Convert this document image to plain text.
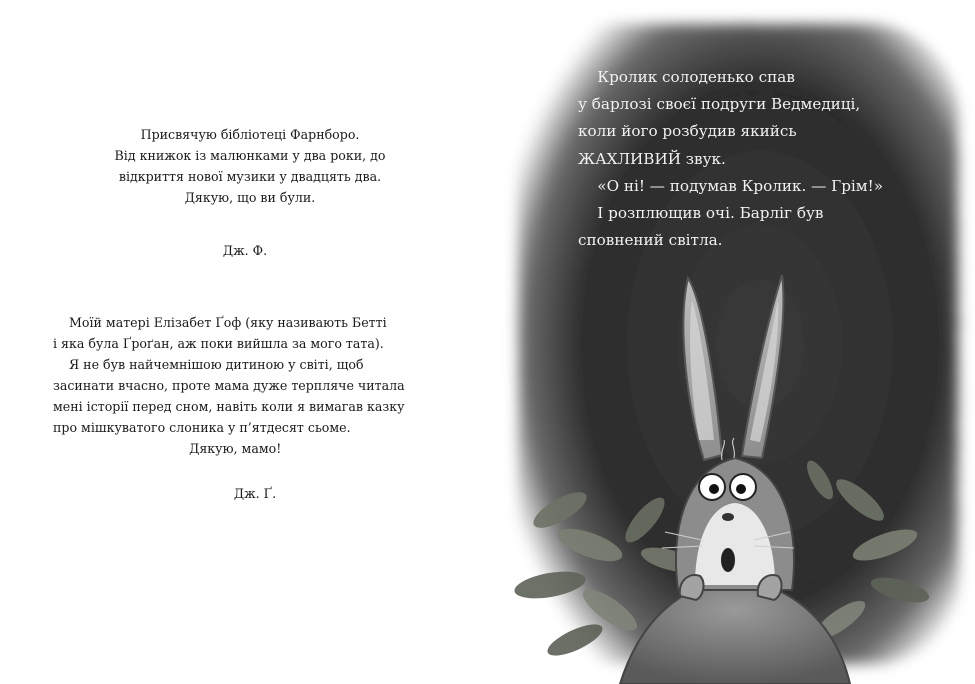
Присвячую бібліотеці Фарнборо.
Від книжок із малюнками у два роки, до
відкриття нової музики у двадцять два.
Дякую, що ви були.
Дж. Ф.
Моїй матері Елізабет Ґоф (яку називають Бетті
і яка була Ґроґан, аж поки вийшла за мого тата).
Я не був найчемнішою дитиною у світі, щоб
засинати вчасно, проте мама дуже терпляче читала
мені історії перед сном, навіть коли я вимагав казку
про мішкуватого слоника у п’ятдесят сьоме.
Дякую, мамо!
Дж. Ґ.
Кролик солоденько спав
у барлозі своєї подруги Ведмедиці,
коли його розбудив якийсь
ЖАХЛИВИЙ звук.
«О ні! — подумав Кролик. — Грім!»
І розплющив очі. Барліг був
сповнений світла.
